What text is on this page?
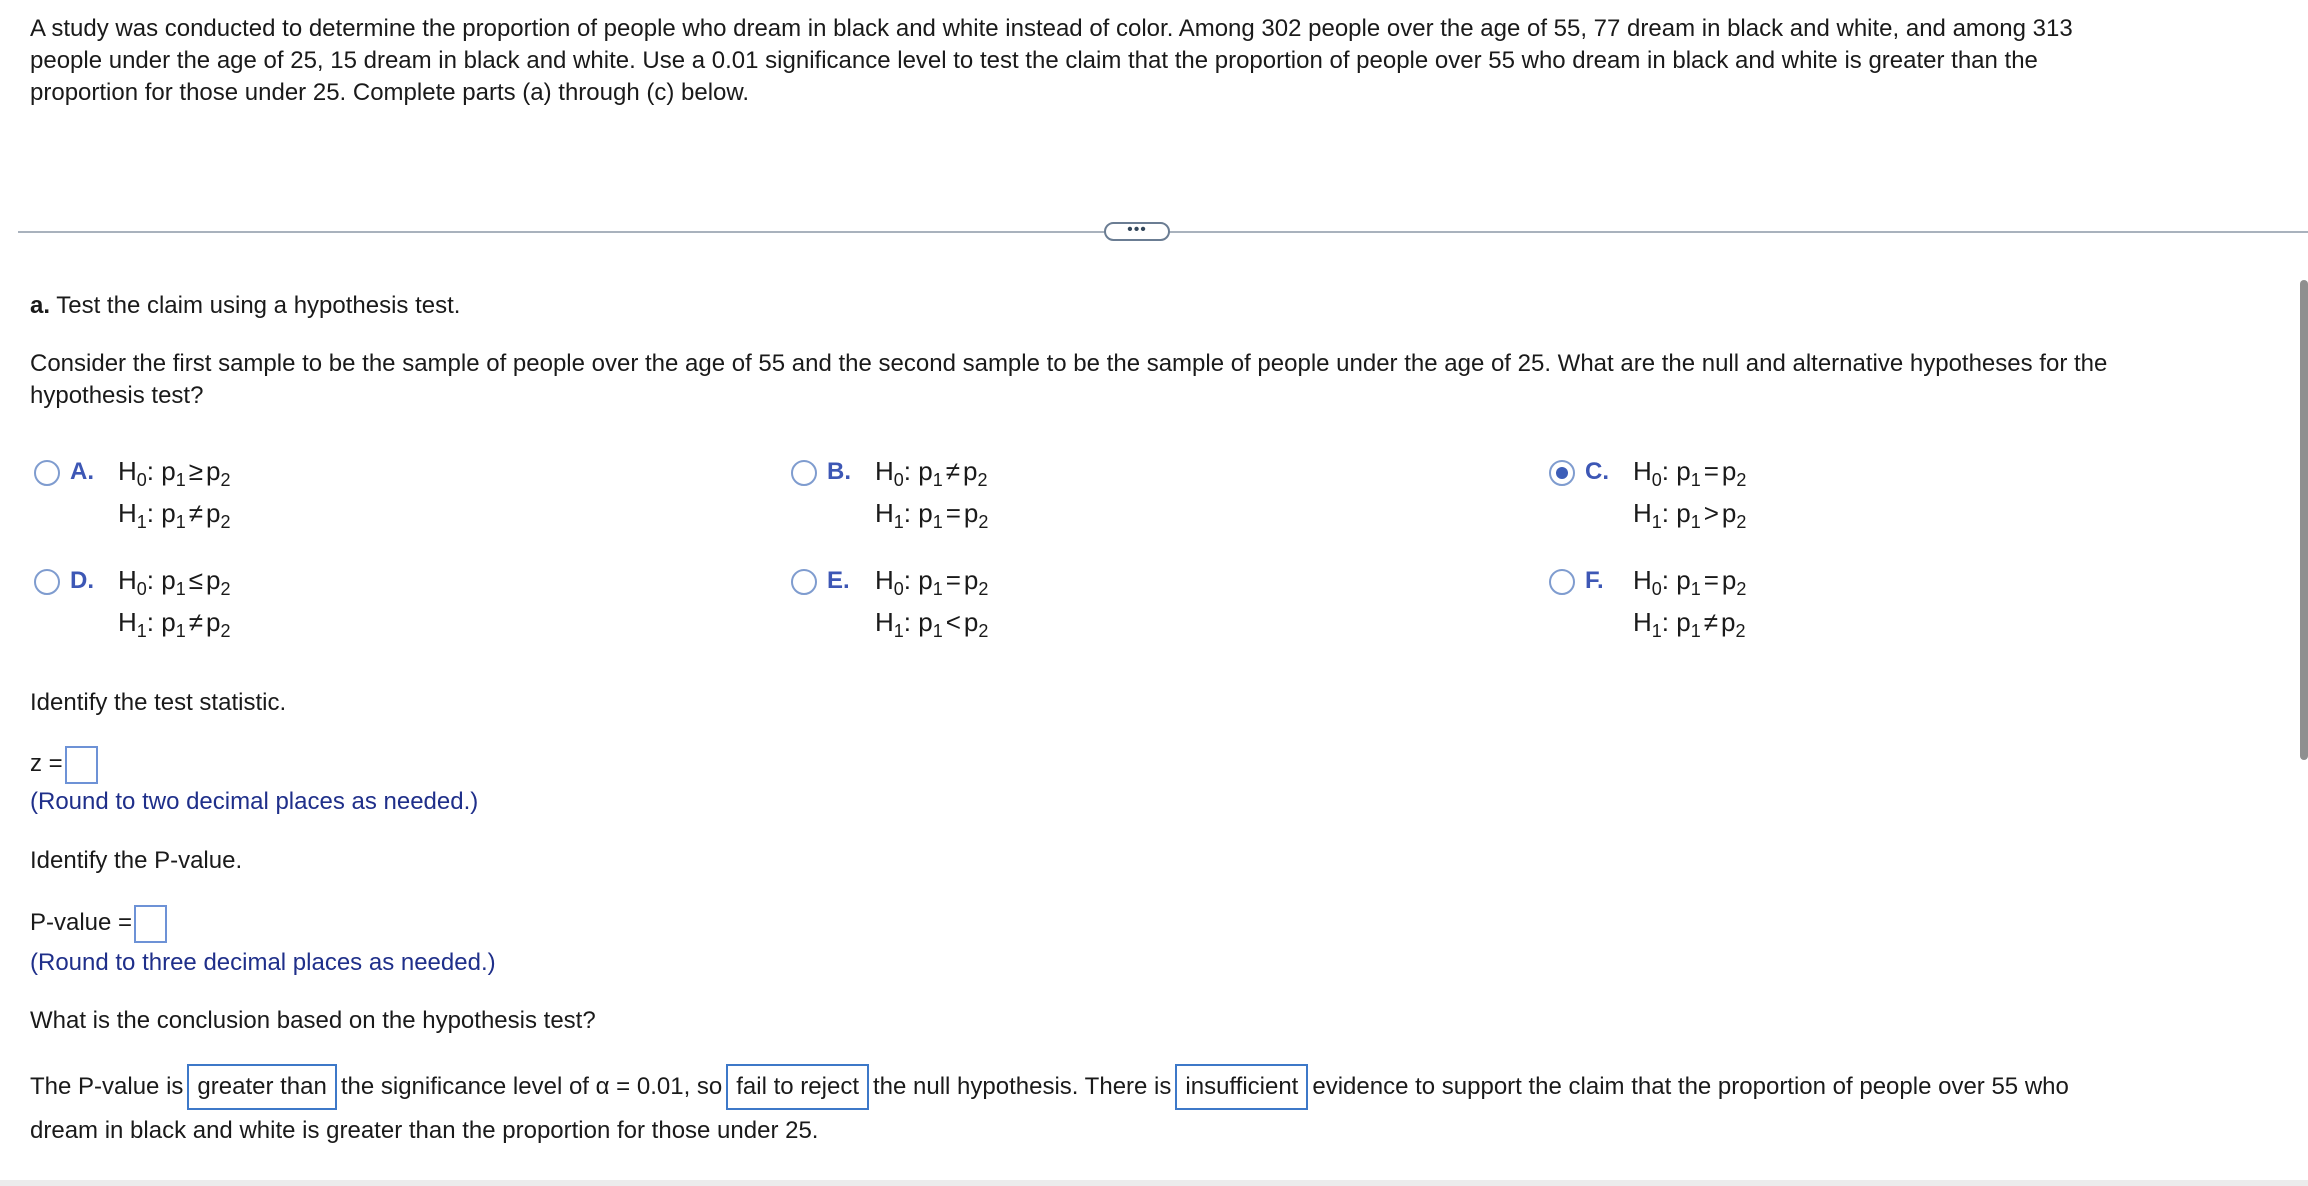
A study was conducted to determine the proportion of people who dream in black and white instead of color. Among 302 people over the age of 55, 77 dream in black and white, and among 313
people under the age of 25, 15 dream in black and white. Use a 0.01 significance level to test the claim that the proportion of people over 55 who dream in black and white is greater than the
proportion for those under 25. Complete parts (a) through (c) below.
•••
a. Test the claim using a hypothesis test.
Consider the first sample to be the sample of people over the age of 55 and the second sample to be the sample of people under the age of 25. What are the null and alternative hypotheses for the
hypothesis test?
A. $H_0$: $p_1 \ge p_2$
$H_1$: $p_1 \ne p_2$
B. $H_0$: $p_1 \ne p_2$
$H_1$: $p_1 = p_2$
C. $H_0$: $p_1 = p_2$
$H_1$: $p_1 > p_2$
D. $H_0$: $p_1 \le p_2$
$H_1$: $p_1 \ne p_2$
E. $H_0$: $p_1 = p_2$
$H_1$: $p_1 < p_2$
F. $H_0$: $p_1 = p_2$
$H_1$: $p_1 \ne p_2$
Identify the test statistic.
z =
(Round to two decimal places as needed.)
Identify the P-value.
P-value =
(Round to three decimal places as needed.)
What is the conclusion based on the hypothesis test?
The P-value is greater than the significance level of α = 0.01, so fail to reject the null hypothesis. There is insufficient evidence to support the claim that the proportion of people over 55 who
dream in black and white is greater than the proportion for those under 25.
